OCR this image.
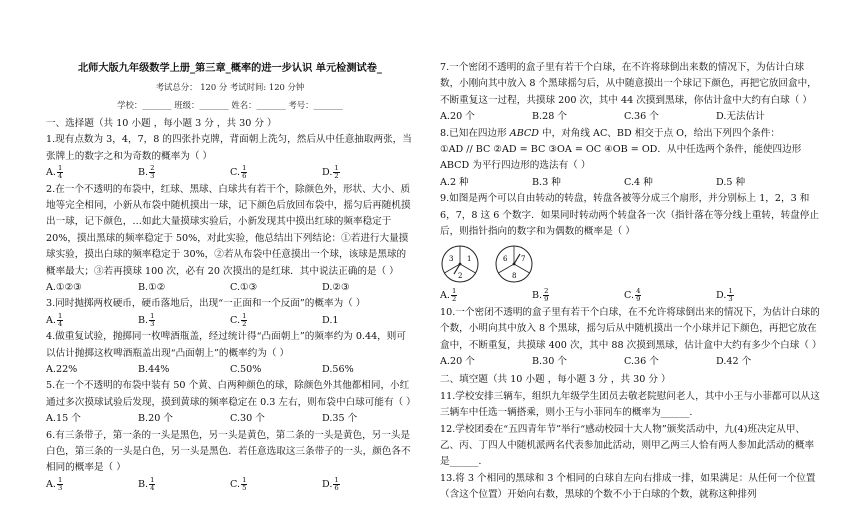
北师大版九年级数学上册_第三章_概率的进一步认识 单元检测试卷_
考试总分： 120 分 考试时间: 120 分钟
学校：_______ 班级：_______ 姓名：_______ 考号：_______

一、选择题（共 10 小题 ，每小题 3 分 ，共 30 分 ）

1.现有点数为 3，4，7，8 的四张扑克牌，背面朝上洗匀，然后从中任意抽取两张，当张牌上的数字之和为奇数的概率为（ ）

A. $\frac{1}{4}$	B. $\frac{2}{3}$	C. $\frac{1}{6}$	D. $\frac{1}{2}$

2.在一个不透明的布袋中，红球、黑球、白球共有若干个，除颜色外，形状、大小、质地等完全相同，小新从布袋中随机摸出一球，记下颜色后放回布袋中，摇匀后再随机摸出一球，记下颜色，…如此大量摸球实验后，小新发现其中摸出红球的频率稳定于 20%，摸出黑球的频率稳定于 50%，对此实验，他总结出下列结论：①若进行大量摸球实验，摸出白球的频率稳定于 30%，②若从布袋中任意摸出一个球，该球是黑球的概率最大；③若再摸球 100 次，必有 20 次摸出的是红球．其中说法正确的是（ ）

A.①②③	B.①②	C.①③	D.②③

3.同时抛掷两枚硬币，硬币落地后，出现“一正面和一个反面”的概率为（ ）

A. $\frac{1}{4}$	B. $\frac{1}{3}$	C. $\frac{1}{2}$	D.1

4.做重复试验，抛掷同一枚啤酒瓶盖，经过统计得“凸面朝上”的频率约为 0.44，则可以估计抛掷这枚啤酒瓶盖出现“凸面朝上”的概率约为（ ）

A.22%	B.44%	C.50%	D.56%

5.在一个不透明的布袋中装有 50 个黄、白两种颜色的球，除颜色外其他都相同，小红通过多次摸球试验后发现，摸到黄球的频率稳定在 0.3 左右，则布袋中白球可能有（ ）

A.15 个	B.20 个	C.30 个	D.35 个

6.有三条带子，第一条的一头是黑色，另一头是黄色，第二条的一头是黄色，另一头是白色，第三条的一头是白色，另一头是黑色．若任意选取这三条带子的一头，颜色各不相同的概率是（ ）

A. $\frac{1}{3}$	B. $\frac{1}{4}$	C. $\frac{1}{5}$	D. $\frac{1}{6}$

7.一个密闭不透明的盒子里有若干个白球，在不许将球倒出来数的情况下，为估计白球数，小刚向其中放入 8 个黑球摇匀后，从中随意摸出一个球记下颜色，再把它放回盒中，不断重复这一过程，共摸球 200 次，其中 44 次摸到黑球，你估计盒中大约有白球（ ）

A.20 个	B.28 个	C.36 个	D.无法估计

8.已知在四边形 ABCD 中，对角线 AC、BD 相交于点 O，给出下列四个条件：

①AD // BC ②AD = BC ③OA = OC ④OB = OD．从中任选两个条件，能使四边形 ABCD 为平行四边形的选法有（ ）

A.2 种	B.3 种	C.4 种	D.5 种

9.如图是两个可以自由转动的转盘，转盘各被等分成三个扇形，并分别标上 1，2，3 和 6，7，8 这 6 个数字．如果同时转动两个转盘各一次（指针落在等分线上重转，转盘停止后，则指针指向的数字和为偶数的概率是（ ）

1
2
3	6 7
8
A. $\frac{1}{2}$	B. $\frac{2}{9}$	C. $\frac{4}{9}$	D. $\frac{1}{3}$

10.一个密闭不透明的盒子里有若干个白球，在不允许将球倒出来的情况下，为估计白球的个数，小明向其中放入 8 个黑球，摇匀后从中随机摸出一个小球并记下颜色，再把它放在盒中，不断重复，共摸球 400 次，其中 88 次摸到黑球，估计盒中大约有多少个白球（ ）

A.20 个	B.30 个	C.36 个	D.42 个

二、填空题（共 10 小题 ，每小题 3 分 ，共 30 分 ）

11.学校安排三辆车，组织九年级学生团员去敬老院慰问老人，其中小王与小菲都可以从这三辆车中任选一辆搭乘，则小王与小菲同车的概率为______.

12.学校团委在“五四青年节”举行“感动校园十大人物”颁奖活动中，九(4)班决定从甲、乙、丙、丁四人中随机派两名代表参加此活动，则甲乙两三人恰有两人参加此活动的概率是______.

13.将 3 个相同的黑球和 3 个相同的白球自左向右排成一排，如果满足：从任何一个位置（含这个位置）开始向右数，黑球的个数不小于白球的个数，就称这种排列
